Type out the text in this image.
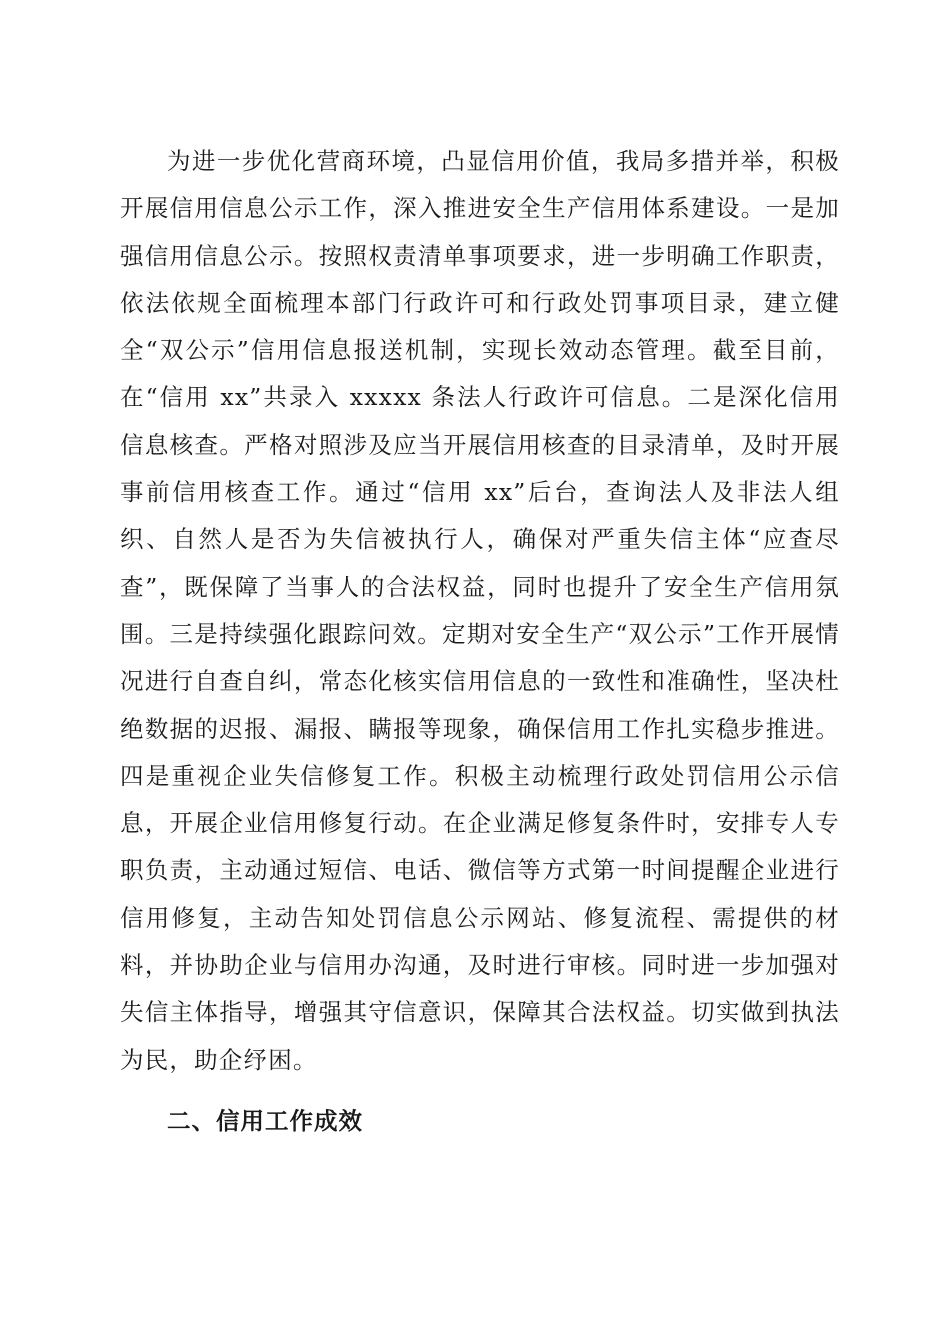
为进一步优化营商环境，凸显信用价值，我局多措并举，积极开展信用信息公示工作，深入推进安全生产信用体系建设。一是加强信用信息公示。按照权责清单事项要求，进一步明确工作职责，依法依规全面梳理本部门行政许可和行政处罚事项目录，建立健全“双公示”信用信息报送机制，实现长效动态管理。截至目前，在“信用 xx”共录入 xxxxx 条法人行政许可信息。二是深化信用信息核查。严格对照涉及应当开展信用核查的目录清单，及时开展事前信用核查工作。通过“信用 xx”后台，查询法人及非法人组织、自然人是否为失信被执行人，确保对严重失信主体“应查尽查”，既保障了当事人的合法权益，同时也提升了安全生产信用氛围。三是持续强化跟踪问效。定期对安全生产“双公示”工作开展情况进行自查自纠，常态化核实信用信息的一致性和准确性，坚决杜绝数据的迟报、漏报、瞒报等现象，确保信用工作扎实稳步推进。四是重视企业失信修复工作。积极主动梳理行政处罚信用公示信息，开展企业信用修复行动。在企业满足修复条件时，安排专人专职负责，主动通过短信、电话、微信等方式第一时间提醒企业进行信用修复，主动告知处罚信息公示网站、修复流程、需提供的材料，并协助企业与信用办沟通，及时进行审核。同时进一步加强对失信主体指导，增强其守信意识，保障其合法权益。切实做到执法为民，助企纾困。

二、信用工作成效
